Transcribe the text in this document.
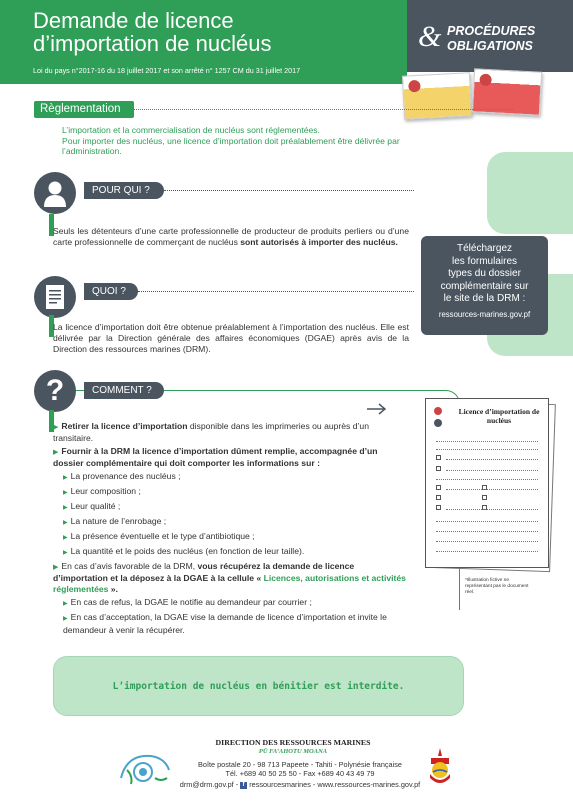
Demande de licence
d’importation de nucléus
Loi du pays n°2017-16 du 18 juillet 2017 et son arrêté n° 1257 CM du 31 juillet 2017
& PROCÉDURES
OBLIGATIONS
Règlementation
L’importation et la commercialisation de nucléus sont réglementées.
Pour importer des nucléus, une licence d’importation doit préalablement être délivrée par l’administration.
Téléchargez
les formulaires
types du dossier
complémentaire sur
le site de la DRM :
ressources-marines.gov.pf
POUR QUI ?
Seuls les détenteurs d’une carte professionnelle de producteur de produits perliers ou d’une carte professionnelle de commerçant de nucléus sont autorisés à importer des nucléus.
QUOI ?
La licence d’importation doit être obtenue préalablement à l’importation des nucléus. Elle est délivrée par la Direction générale des affaires économiques (DGAE) après avis de la Direction des ressources marines (DRM).
?	COMMENT ?
▶ Retirer la licence d’importation disponible dans les imprimeries ou auprès d’un transitaire.
▶ Fournir à la DRM la licence d’importation dûment remplie, accompagnée d’un dossier complémentaire qui doit comporter les informations sur :
▶ La provenance des nucléus ;
▶ Leur composition ;
▶ Leur qualité ;
▶ La nature de l’enrobage ;
▶ La présence éventuelle et le type d’antibiotique ;
▶ La quantité et le poids des nucléus (en fonction de leur taille).
▶ En cas d’avis favorable de la DRM, vous récupérez la demande de licence d’importation et la déposez à la DGAE à la cellule « Licences, autorisations et activités réglementées ».
▶ En cas de refus, la DGAE le notifie au demandeur par courrier ;
▶ En cas d’acceptation, la DGAE vise la demande de licence d’importation et invite le demandeur à venir la récupérer.
Licence d’importation de nucléus
*Illustration fictive ne représentant pas le document réel.
L’importation de nucléus en bénitier est interdite.
DIRECTION DES RESSOURCES MARINES
PŪ FA’AHOTU MOANA
Boîte postale 20 - 98 713 Papeete - Tahiti - Polynésie française
Tél. +689 40 50 25 50 - Fax +689 40 43 49 79
drm@drm.gov.pf - f ressourcesmarines - www.ressources-marines.gov.pf
